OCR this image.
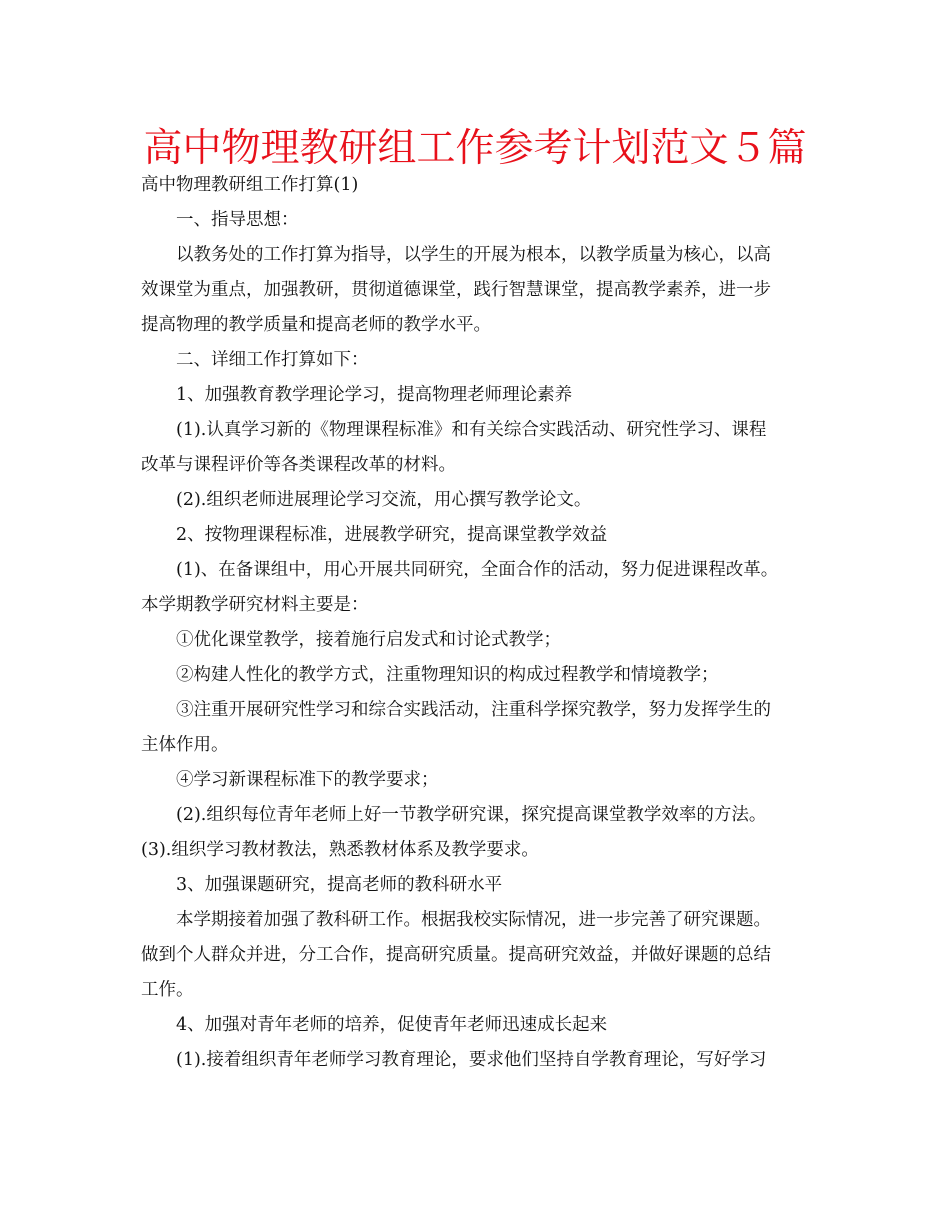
高中物理教研组工作参考计划范文５篇
高中物理教研组工作打算(1)
一、指导思想：
以教务处的工作打算为指导，以学生的开展为根本，以教学质量为核心，以高
效课堂为重点，加强教研，贯彻道德课堂，践行智慧课堂，提高教学素养，进一步
提高物理的教学质量和提高老师的教学水平。
二、详细工作打算如下：
1、加强教育教学理论学习，提高物理老师理论素养
(1).认真学习新的《物理课程标准》和有关综合实践活动、研究性学习、课程
改革与课程评价等各类课程改革的材料。
(2).组织老师进展理论学习交流，用心撰写教学论文。
2、按物理课程标准，进展教学研究，提高课堂教学效益
(1)、在备课组中，用心开展共同研究，全面合作的活动，努力促进课程改革。
本学期教学研究材料主要是：
①优化课堂教学，接着施行启发式和讨论式教学；
②构建人性化的教学方式，注重物理知识的构成过程教学和情境教学；
③注重开展研究性学习和综合实践活动，注重科学探究教学，努力发挥学生的
主体作用。
④学习新课程标准下的教学要求；
(2).组织每位青年老师上好一节教学研究课，探究提高课堂教学效率的方法。
(3).组织学习教材教法，熟悉教材体系及教学要求。
3、加强课题研究，提高老师的教科研水平
本学期接着加强了教科研工作。根据我校实际情况，进一步完善了研究课题。
做到个人群众并进，分工合作，提高研究质量。提高研究效益，并做好课题的总结
工作。
4、加强对青年老师的培养，促使青年老师迅速成长起来
(1).接着组织青年老师学习教育理论，要求他们坚持自学教育理论，写好学习
